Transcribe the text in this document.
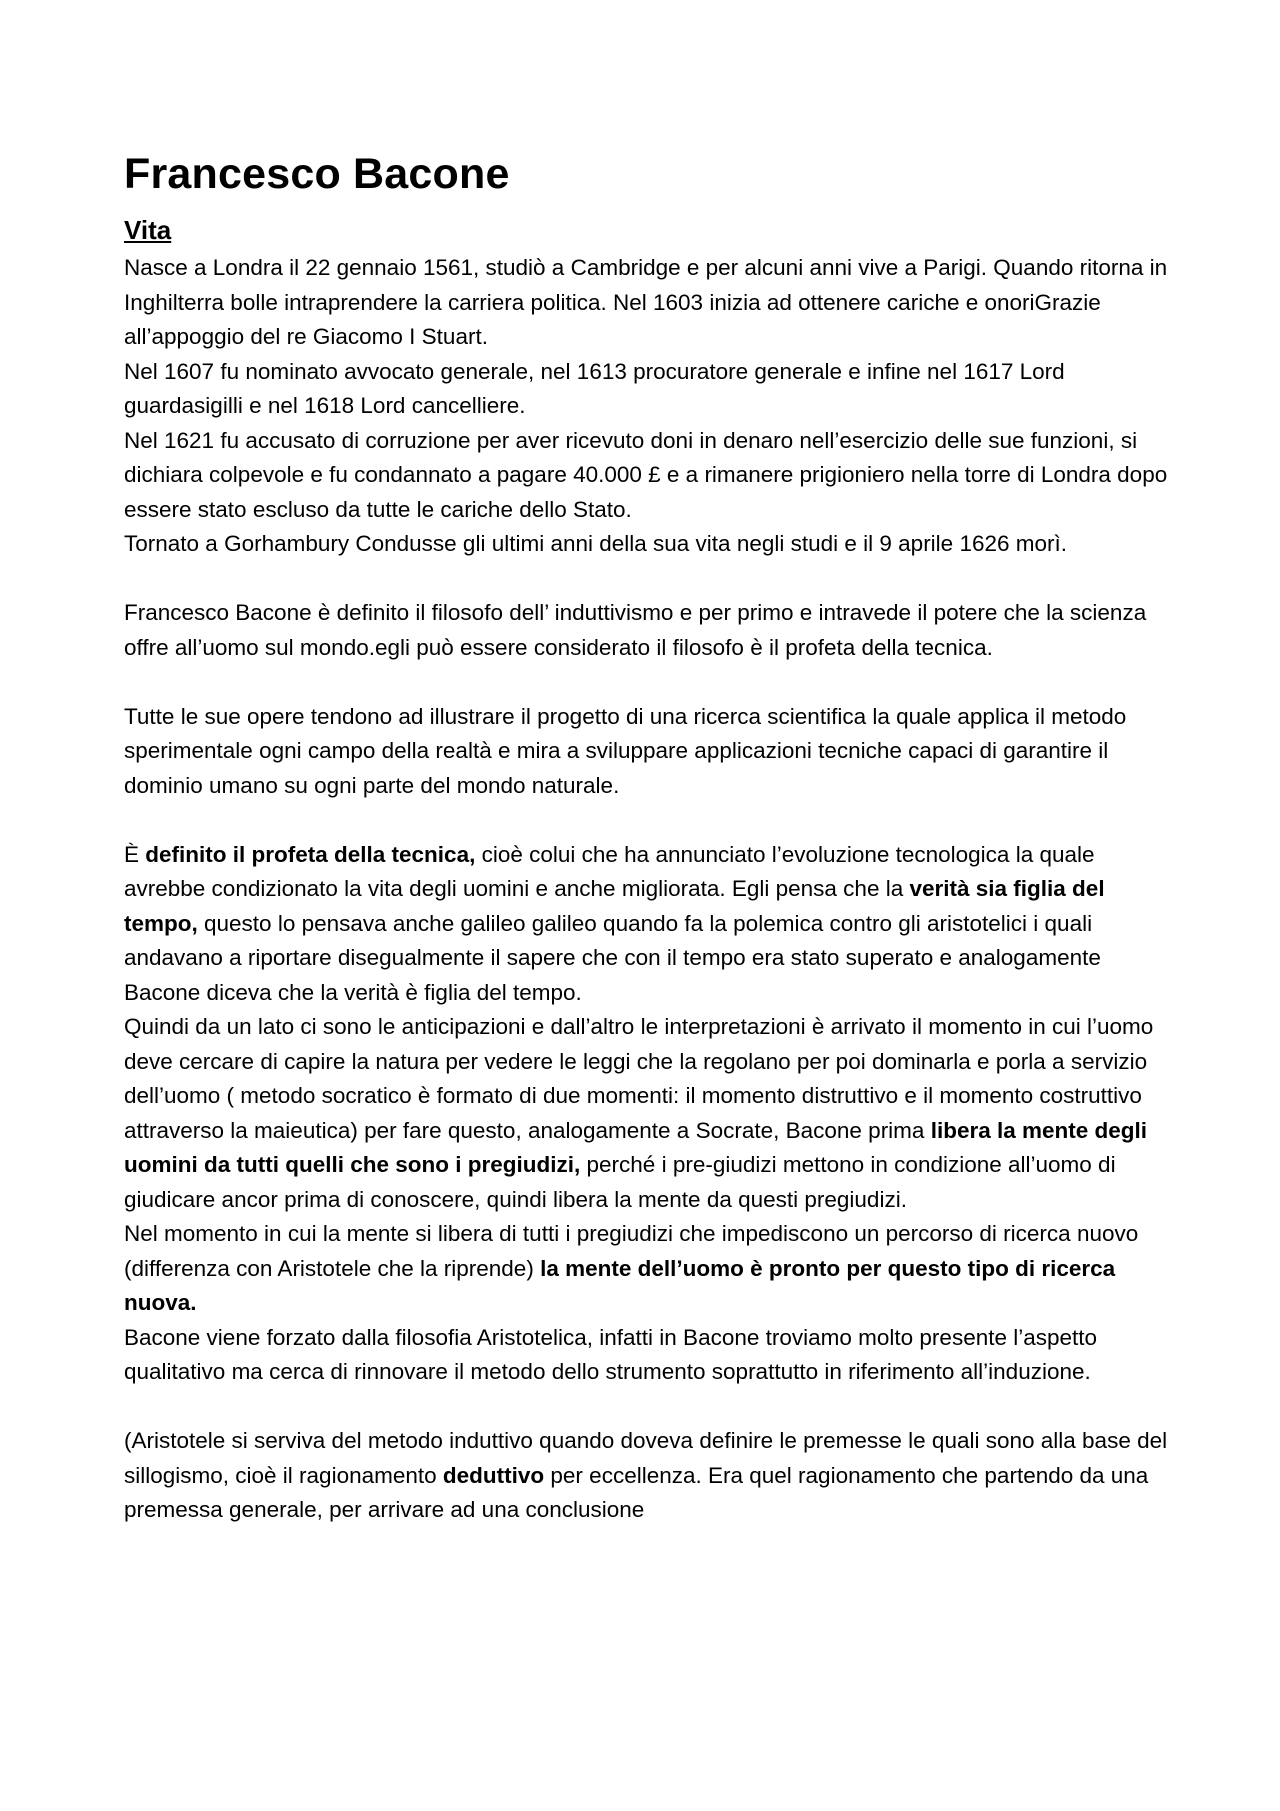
Francesco Bacone
Vita

Nasce a Londra il 22 gennaio 1561, studiò a Cambridge e per alcuni anni vive a Parigi. Quando ritorna in Inghilterra bolle intraprendere la carriera politica. Nel 1603 inizia ad ottenere cariche e onoriGrazie all’appoggio del re Giacomo I Stuart.

Nel 1607 fu nominato avvocato generale, nel 1613 procuratore generale e infine nel 1617 Lord guardasigilli e nel 1618 Lord cancelliere.

Nel 1621 fu accusato di corruzione per aver ricevuto doni in denaro nell’esercizio delle sue funzioni, si dichiara colpevole e fu condannato a pagare 40.000 £ e a rimanere prigioniero nella torre di Londra dopo essere stato escluso da tutte le cariche dello Stato.

Tornato a Gorhambury Condusse gli ultimi anni della sua vita negli studi e il 9 aprile 1626 morì.

Francesco Bacone è definito il filosofo dell’ induttivismo e per primo e intravede il potere che la scienza offre all’uomo sul mondo.egli può essere considerato il filosofo è il profeta della tecnica.

Tutte le sue opere tendono ad illustrare il progetto di una ricerca scientifica la quale applica il metodo sperimentale ogni campo della realtà e mira a sviluppare applicazioni tecniche capaci di garantire il dominio umano su ogni parte del mondo naturale.

È definito il profeta della tecnica, cioè colui che ha annunciato l’evoluzione tecnologica la quale avrebbe condizionato la vita degli uomini e anche migliorata. Egli pensa che la verità sia figlia del tempo, questo lo pensava anche galileo galileo quando fa la polemica contro gli aristotelici i quali andavano a riportare disegualmente il sapere che con il tempo era stato superato e analogamente Bacone diceva che la verità è figlia del tempo.

Quindi da un lato ci sono le anticipazioni e dall’altro le interpretazioni è arrivato il momento in cui l’uomo deve cercare di capire la natura per vedere le leggi che la regolano per poi dominarla e porla a servizio dell’uomo ( metodo socratico è formato di due momenti: il momento distruttivo e il momento costruttivo attraverso la maieutica) per fare questo, analogamente a Socrate, Bacone prima libera la mente degli uomini da tutti quelli che sono i pregiudizi, perché i pre-giudizi mettono in condizione all’uomo di giudicare ancor prima di conoscere, quindi libera la mente da questi pregiudizi.

Nel momento in cui la mente si libera di tutti i pregiudizi che impediscono un percorso di ricerca nuovo (differenza con Aristotele che la riprende) la mente dell’uomo è pronto per questo tipo di ricerca nuova.

Bacone viene forzato dalla filosofia Aristotelica, infatti in Bacone troviamo molto presente l’aspetto qualitativo ma cerca di rinnovare il metodo dello strumento soprattutto in riferimento all’induzione.

(Aristotele si serviva del metodo induttivo quando doveva definire le premesse le quali sono alla base del sillogismo, cioè il ragionamento deduttivo per eccellenza. Era quel ragionamento che partendo da una premessa generale, per arrivare ad una conclusione
